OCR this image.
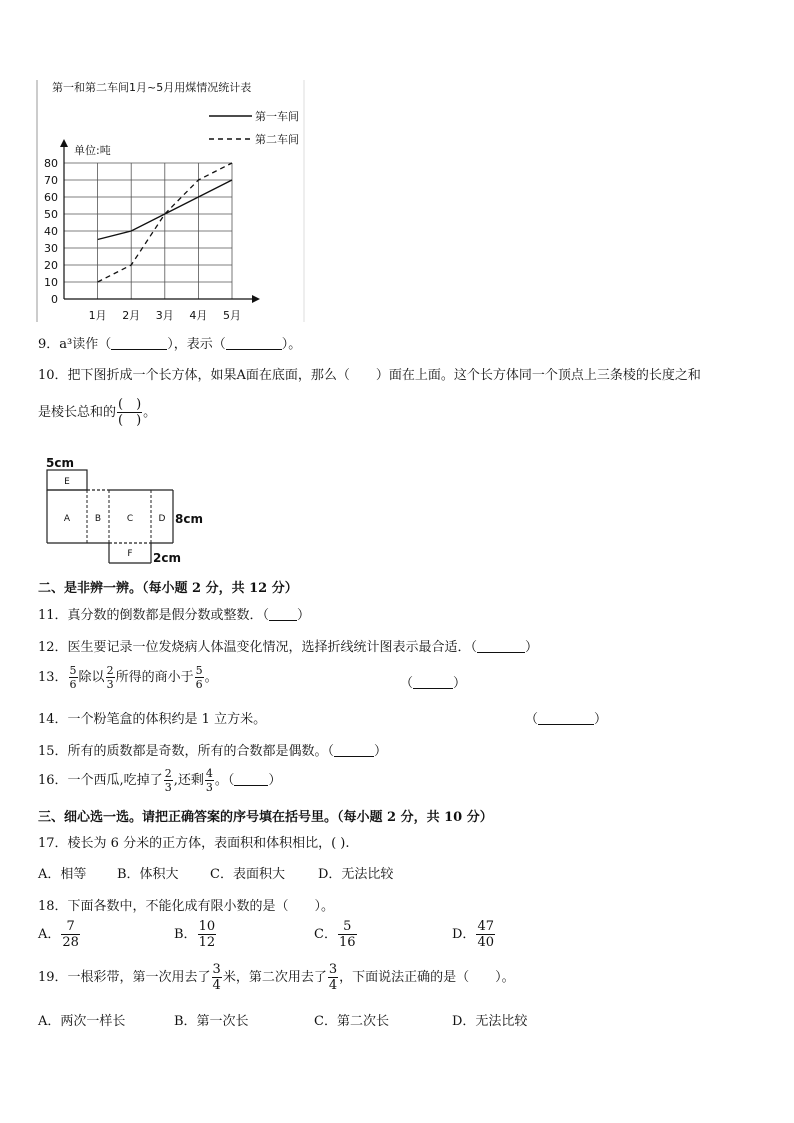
第一和第二车间1月~5月用煤情况统计表
第一车间
第二车间
单位:吨
0
10
20
30
40
50
60
70
80
1月 2月 3月 4月 5月
9．a³读作（	），表示（	）。
10．把下图折成一个长方体，如果A面在底面，那么（　　）面在上面。这个长方体同一个顶点上三条棱的长度之和
是棱长总和的 $\frac{( )}{( )}$ 。
5cm
E
A	B	C	D
F
8cm
2cm
二、是非辨一辨。（每小题 2 分，共 12 分）
11．真分数的倒数都是假分数或整数．（ ）
12．医生要记录一位发烧病人体温变化情况，选择折线统计图表示最合适．（	）
13． $\frac{5}{6}$ 除以 $\frac{2}{3}$ 所得的商小于 $\frac{5}{6}$ 。	（	）
14．一个粉笔盒的体积约是 1 立方米。	（	）
15．所有的质数都是奇数，所有的合数都是偶数。（	）
16．一个西瓜,吃掉了 $\frac{2}{3}$ ,还剩 $\frac{4}{3}$ 。（	）
三、细心选一选。请把正确答案的序号填在括号里。（每小题 2 分，共 10 分）
17．棱长为 6 分米的正方体，表面积和体积相比，( ).
A．相等 B．体积大 C．表面积大	D．无法比较
18．下面各数中，不能化成有限小数的是（　　）。
A． $\frac{7}{28}$	B． $\frac{10}{12}$	C． $\frac{5}{16}$	D． $\frac{47}{40}$
19．一根彩带，第一次用去了 $\frac{3}{4}$ 米，第二次用去了 $\frac{3}{4}$ ，下面说法正确的是（　　）。
A．两次一样长	B．第一次长	C．第二次长	D．无法比较
